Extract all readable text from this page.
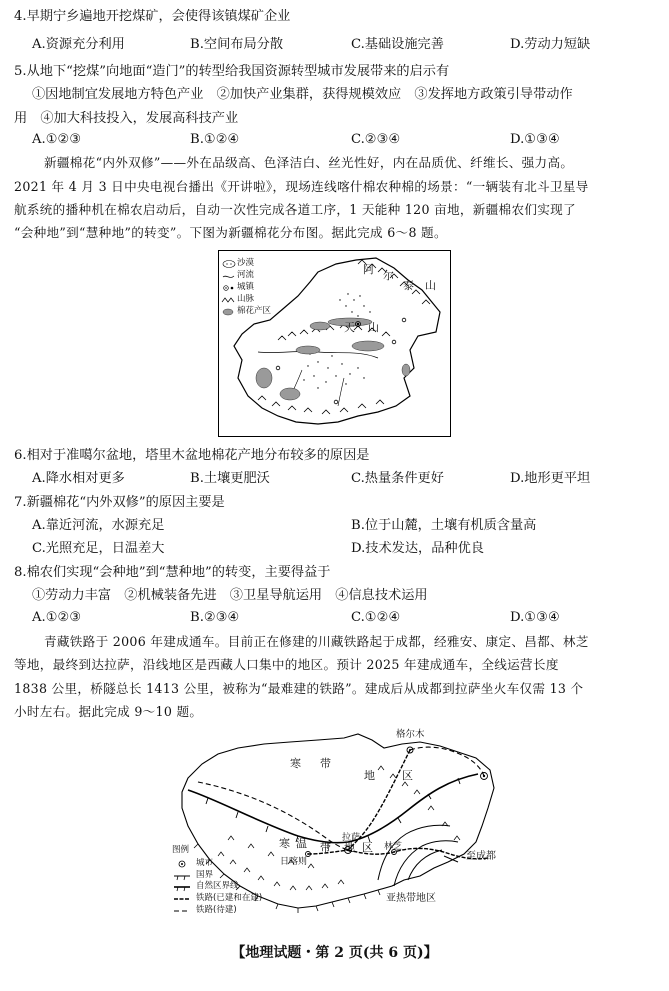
4.早期宁乡遍地开挖煤矿，会使得该镇煤矿企业
A.资源充分利用	B.空间布局分散	C.基础设施完善	D.劳动力短缺
5.从地下“挖煤”向地面“造门”的转型给我国资源转型城市发展带来的启示有
①因地制宜发展地方特色产业　②加快产业集群，获得规模效应　③发挥地方政策引导带动作
用　④加大科技投入，发展高科技产业
A.①②③	B.①②④	C.②③④	D.①③④
新疆棉花“内外双修”——外在品级高、色泽洁白、丝光性好，内在品质优、纤维长、强力高。
2021 年 4 月 3 日中央电视台播出《开讲啦》，现场连线喀什棉农种棉的场景：“一辆装有北斗卫星导
航系统的播种机在棉农启动后，自动一次性完成各道工序，1 天能种 120 亩地，新疆棉农们实现了
“会种地”到“慧种地”的转变”。下图为新疆棉花分布图。据此完成 6～8 题。
沙漠
河流
城镇
山脉
棉花产区
阿 尔
泰 山
天 山
6.相对于准噶尔盆地，塔里木盆地棉花产地分布较多的原因是
A.降水相对更多	B.土壤更肥沃	C.热量条件更好	D.地形更平坦
7.新疆棉花“内外双修”的原因主要是
A.靠近河流，水源充足	B.位于山麓，土壤有机质含量高
C.光照充足，日温差大	D.技术发达，品种优良
8.棉农们实现“会种地”到“慧种地”的转变，主要得益于
①劳动力丰富　②机械装备先进　③卫星导航运用　④信息技术运用
A.①②③	B.②③④	C.①②④	D.①③④
青藏铁路于 2006 年建成通车。目前正在修建的川藏铁路起于成都，经雅安、康定、昌都、林芝
等地，最终到达拉萨，沿线地区是西藏人口集中的地区。预计 2025 年建成通车，全线运营长度
1838 公里，桥隧总长 1413 公里，被称为“最难建的铁路”。建成后从成都到拉萨坐火车仅需 13 个
小时左右。据此完成 9～10 题。
格尔木
寒 带
地 区
寒 温 带 地 区
拉萨
林芝
日喀则	至成都
亚热带地区
图例
城市
国界
自然区界线
铁路(已建和在建)
铁路(待建)
【地理试题・第 2 页(共 6 页)】
